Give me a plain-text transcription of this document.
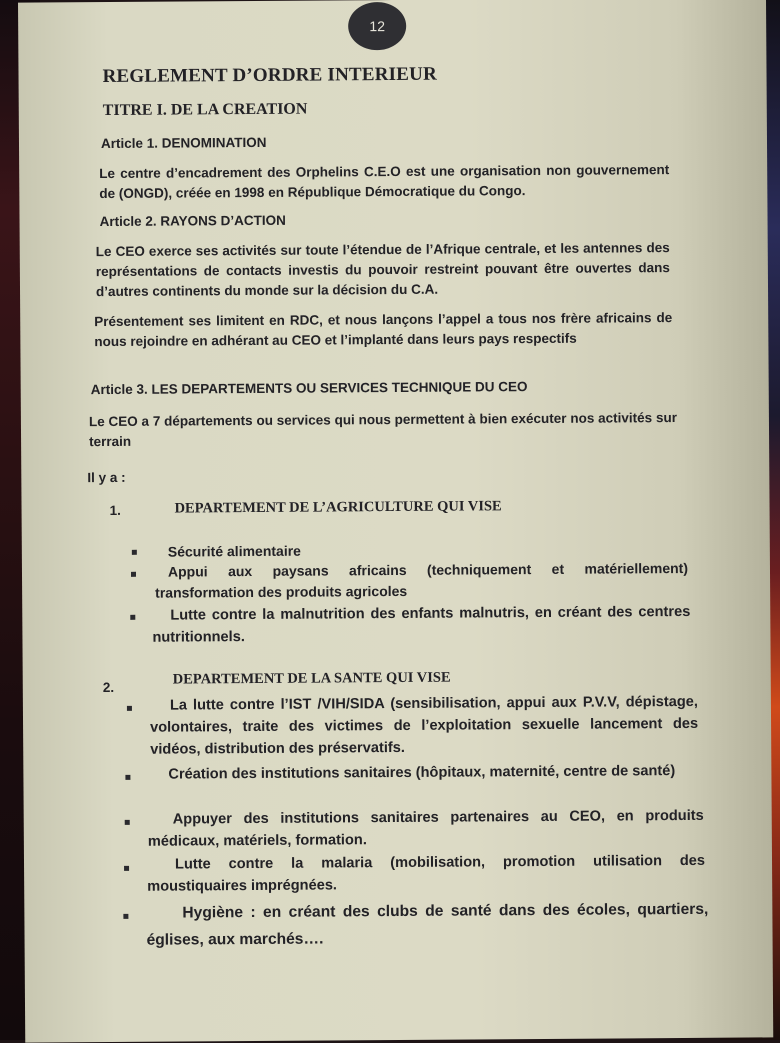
12
REGLEMENT D’ORDRE INTERIEUR
TITRE I. DE LA CREATION
Article 1. DENOMINATION
Le centre d’encadrement des Orphelins C.E.O est une organisation non gouvernement de (ONGD), créée en 1998 en République Démocratique du Congo.
Article 2. RAYONS D’ACTION
Le CEO exerce ses activités sur toute l’étendue de l’Afrique centrale, et les antennes des représentations de contacts investis du pouvoir restreint pouvant être ouvertes dans d’autres continents du monde sur la décision du C.A.
Présentement ses limitent en RDC, et nous lançons l’appel a tous nos frère africains de nous rejoindre en adhérant au CEO et l’implanté dans leurs pays respectifs
Article 3. LES DEPARTEMENTS OU SERVICES TECHNIQUE DU CEO
Le CEO a 7 départements ou services qui nous permettent à bien exécuter nos activités sur terrain
Il y a :
1.	DEPARTEMENT DE L’AGRICULTURE QUI VISE
Sécurité alimentaire
Appui aux paysans africains (techniquement et matériellement) transformation des produits agricoles
Lutte contre la malnutrition des enfants malnutris, en créant des centres nutritionnels.
2.	DEPARTEMENT DE LA SANTE QUI VISE
La lutte contre l’IST /VIH/SIDA (sensibilisation, appui aux P.V.V, dépistage, volontaires, traite des victimes de l’exploitation sexuelle lancement des vidéos, distribution des préservatifs.
Création des institutions sanitaires (hôpitaux, maternité, centre de santé)
Appuyer des institutions sanitaires partenaires au CEO, en produits médicaux, matériels, formation.
Lutte contre la malaria (mobilisation, promotion utilisation des moustiquaires imprégnées.
Hygiène : en créant des clubs de santé dans des écoles, quartiers, églises, aux marchés….
